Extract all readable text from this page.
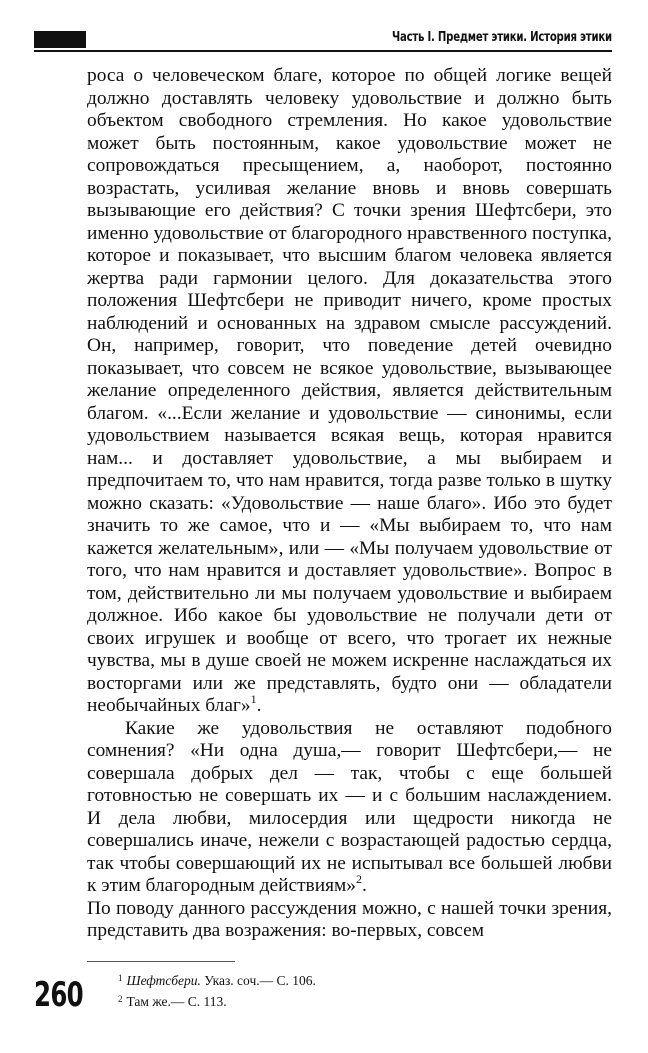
Часть I. Предмет этики. История этики

роса о человеческом благе, которое по общей логике вещей должно доставлять человеку удовольствие и должно быть объектом свободного стремления. Но какое удовольствие может быть постоянным, какое удовольствие может не сопровождаться пресыщением, а, наоборот, постоянно возрастать, усиливая желание вновь и вновь совершать вызывающие его действия? С точки зрения Шефтсбери, это именно удовольствие от благородного нравственного поступка, которое и показывает, что высшим благом человека является жертва ради гармонии целого. Для доказательства этого положения Шефтсбери не приводит ничего, кроме простых наблюдений и основанных на здравом смысле рассуждений. Он, например, говорит, что поведение детей очевидно показывает, что совсем не всякое удовольствие, вызывающее желание определенного действия, является действительным благом. «...Если желание и удовольствие — синонимы, если удовольствием называется всякая вещь, которая нравится нам... и доставляет удовольствие, а мы выбираем и предпочитаем то, что нам нравится, тогда разве только в шутку можно сказать: «Удовольствие — наше благо». Ибо это будет значить то же самое, что и — «Мы выбираем то, что нам кажется желательным», или — «Мы получаем удовольствие от того, что нам нравится и доставляет удовольствие». Вопрос в том, действительно ли мы получаем удовольствие и выбираем должное. Ибо какое бы удовольствие не получали дети от своих игрушек и вообще от всего, что трогает их нежные чувства, мы в душе своей не можем искренне наслаждаться их восторгами или же представлять, будто они — обладатели необычайных благ»$^1$.

Какие же удовольствия не оставляют подобного сомнения? «Ни одна душа,— говорит Шефтсбери,— не совершала добрых дел — так, чтобы с еще большей готовностью не совершать их — и с большим наслаждением. И дела любви, милосердия или щедрости никогда не совершались иначе, нежели с возрастающей радостью сердца, так чтобы совершающий их не испытывал все большей любви к этим благородным действиям»$^2$.

По поводу данного рассуждения можно, с нашей точки зрения, представить два возражения: во-первых, совсем

$^1$ Шефтсбери. Указ. соч.— С. 106.
$^2$ Там же.— С. 113.
260
